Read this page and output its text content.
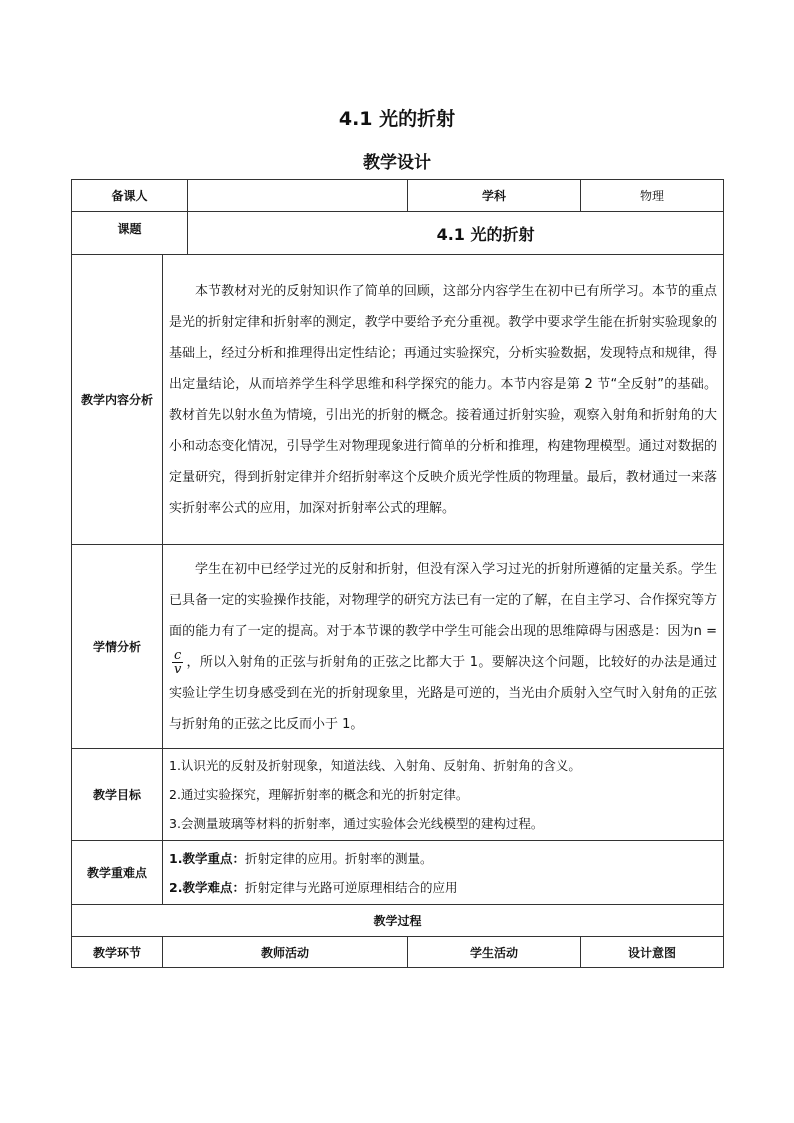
4.1 光的折射
教学设计
备课人			学科	物理
课题		4.1 光的折射		
教学内容分析	本节教材对光的反射知识作了简单的回顾，这部分内容学生在初中已有所学习。本节的重点是光的折射定律和折射率的测定，教学中要给予充分重视。教学中要求学生能在折射实验现象的基础上，经过分析和推理得出定性结论；再通过实验探究，分析实验数据，发现特点和规律，得出定量结论，从而培养学生科学思维和科学探究的能力。本节内容是第 2 节“全反射”的基础。教材首先以射水鱼为情境，引出光的折射的概念。接着通过折射实验，观察入射角和折射角的大小和动态变化情况，引导学生对物理现象进行简单的分析和推理，构建物理模型。通过对数据的定量研究，得到折射定律并介绍折射率这个反映介质光学性质的物理量。最后，教材通过一来落实折射率公式的应用，加深对折射率公式的理解。			
学情分析	学生在初中已经学过光的反射和折射，但没有深入学习过光的折射所遵循的定量关系。学生已具备一定的实验操作技能，对物理学的研究方法已有一定的了解，在自主学习、合作探究等方面的能力有了一定的提高。对于本节课的教学中学生可能会出现的思维障碍与困惑是：因为n =
$\frac{c}{v}$ ，所以入射角的正弦与折射角的正弦之比都大于 1。要解决这个问题，比较好的办法是通过实验让学生切身感受到在光的折射现象里，光路是可逆的，当光由介质射入空气时入射角的正弦与折射角的正弦之比反而小于 1。			
教学目标	1.认识光的反射及折射现象，知道法线、入射角、反射角、折射角的含义。
2.通过实验探究，理解折射率的概念和光的折射定律。
3.会测量玻璃等材料的折射率，通过实验体会光线模型的建构过程。			

教学重难点	1.教学重点：折射定律的应用。折射率的测量。
2.教学难点：折射定律与光路可逆原理相结合的应用			

教学过程				
教学环节	教师活动		学生活动	设计意图
